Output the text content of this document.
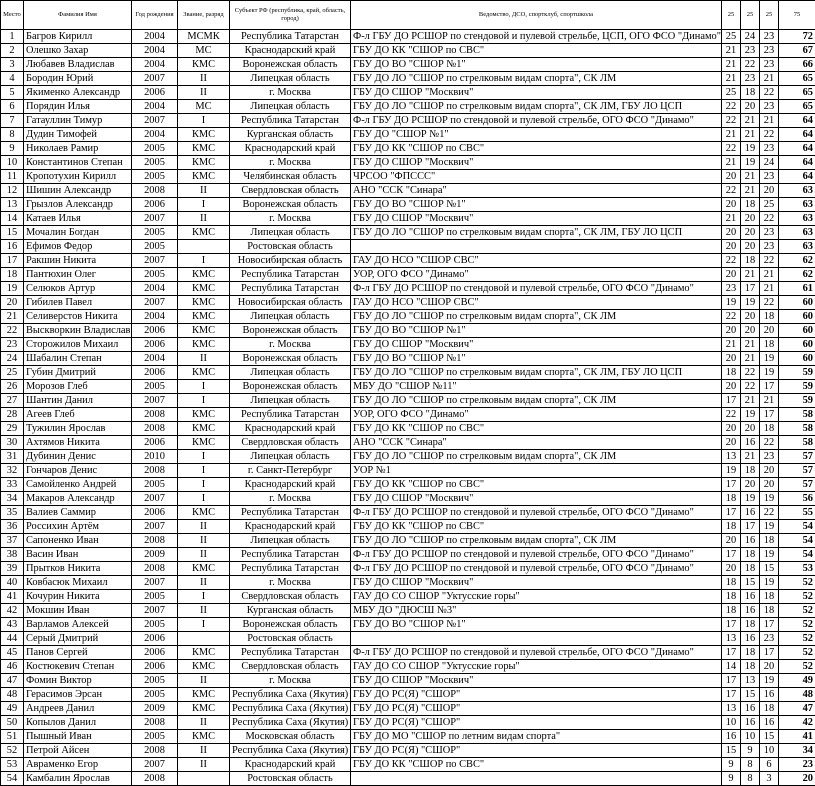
Место	Фамилия Имя	Год рождения	Звание, разряд	Субъект РФ (республика, край, область, город)	Ведомство, ДСО, спортклуб, спортшкола	25	25	25	75
1	Багров Кирилл	2004	МСМК	Республика Татарстан	Ф-л ГБУ ДО РСШОР по стендовой и пулевой стрельбе, ЦСП, ОГО ФСО "Динамо"	25	24	23	72
2	Олешко Захар	2004	МС	Краснодарский край	ГБУ ДО КК "СШОР по СВС"	21	23	23	67
3	Любавев Владислав	2004	КМС	Воронежская область	ГБУ ДО ВО "СШОР №1"	21	22	23	66
4	Бородин Юрий	2007	II	Липецкая область	ГБУ ДО ЛО "СШОР по стрелковым видам спорта", СК ЛМ	21	23	21	65
5	Якименко Александр	2006	II	г. Москва	ГБУ ДО СШОР "Москвич"	25	18	22	65
6	Порядин Илья	2004	МС	Липецкая область	ГБУ ДО ЛО "СШОР по стрелковым видам спорта", СК ЛМ, ГБУ ЛО ЦСП	22	20	23	65
7	Гатауллин Тимур	2007	I	Республика Татарстан	Ф-л ГБУ ДО РСШОР по стендовой и пулевой стрельбе, ОГО ФСО "Динамо"	22	21	21	64
8	Дудин Тимофей	2004	КМС	Курганская область	ГБУ ДО "СШОР №1"	21	21	22	64
9	Николаев Рамир	2005	КМС	Краснодарский край	ГБУ ДО КК "СШОР по СВС"	22	19	23	64
10	Константинов Степан	2005	КМС	г. Москва	ГБУ ДО СШОР "Москвич"	21	19	24	64
11	Кропотухин Кирилл	2005	КМС	Челябинская область	ЧРСОО "ФПССС"	20	21	23	64
12	Шишин Александр	2008	II	Свердловская область	АНО "ССК "Синара"	22	21	20	63
13	Грызлов Александр	2006	I	Воронежская область	ГБУ ДО ВО "СШОР №1"	20	18	25	63
14	Катаев Илья	2007	II	г. Москва	ГБУ ДО СШОР "Москвич"	21	20	22	63
15	Мочалин Богдан	2005	КМС	Липецкая область	ГБУ ДО ЛО "СШОР по стрелковым видам спорта", СК ЛМ, ГБУ ЛО ЦСП	20	20	23	63
16	Ефимов Федор	2005		Ростовская область		20	20	23	63
17	Ракшин Никита	2007	I	Новосибирская область	ГАУ ДО НСО "СШОР СВС"	22	18	22	62
18	Пантюхин Олег	2005	КМС	Республика Татарстан	УОР, ОГО ФСО "Динамо"	20	21	21	62
19	Селюков Артур	2004	КМС	Республика Татарстан	Ф-л ГБУ ДО РСШОР по стендовой и пулевой стрельбе, ОГО ФСО "Динамо"	23	17	21	61
20	Гибилев Павел	2007	КМС	Новосибирская область	ГАУ ДО НСО "СШОР СВС"	19	19	22	60
21	Селиверстов Никита	2004	КМС	Липецкая область	ГБУ ДО ЛО "СШОР по стрелковым видам спорта", СК ЛМ	22	20	18	60
22	Выскворкин Владислав	2006	КМС	Воронежская область	ГБУ ДО ВО "СШОР №1"	20	20	20	60
23	Сторожилов Михаил	2006	КМС	г. Москва	ГБУ ДО СШОР "Москвич"	21	21	18	60
24	Шабалин Степан	2004	II	Воронежская область	ГБУ ДО ВО "СШОР №1"	20	21	19	60
25	Губин Дмитрий	2006	КМС	Липецкая область	ГБУ ДО ЛО "СШОР по стрелковым видам спорта", СК ЛМ, ГБУ ЛО ЦСП	18	22	19	59
26	Морозов Глеб	2005	I	Воронежская область	МБУ ДО "СШОР №11"	20	22	17	59
27	Шантин Данил	2007	I	Липецкая область	ГБУ ДО ЛО "СШОР по стрелковым видам спорта", СК ЛМ	17	21	21	59
28	Агеев Глеб	2008	КМС	Республика Татарстан	УОР, ОГО ФСО "Динамо"	22	19	17	58
29	Тужилин Ярослав	2008	КМС	Краснодарский край	ГБУ ДО КК "СШОР по СВС"	20	20	18	58
30	Ахтямов Никита	2006	КМС	Свердловская область	АНО "ССК "Синара"	20	16	22	58
31	Дубинин Денис	2010	I	Липецкая область	ГБУ ДО ЛО "СШОР по стрелковым видам спорта", СК ЛМ	13	21	23	57
32	Гончаров Денис	2008	I	г. Санкт-Петербург	УОР №1	19	18	20	57
33	Самойленко Андрей	2005	I	Краснодарский край	ГБУ ДО КК "СШОР по СВС"	17	20	20	57
34	Макаров Александр	2007	I	г. Москва	ГБУ ДО СШОР "Москвич"	18	19	19	56
35	Валиев Саммир	2006	КМС	Республика Татарстан	Ф-л ГБУ ДО РСШОР по стендовой и пулевой стрельбе, ОГО ФСО "Динамо"	17	16	22	55
36	Россихин Артём	2007	II	Краснодарский край	ГБУ ДО КК "СШОР по СВС"	18	17	19	54
37	Сапоненко Иван	2008	II	Липецкая область	ГБУ ДО ЛО "СШОР по стрелковым видам спорта", СК ЛМ	20	16	18	54
38	Васин Иван	2009	II	Республика Татарстан	Ф-л ГБУ ДО РСШОР по стендовой и пулевой стрельбе, ОГО ФСО "Динамо"	17	18	19	54
39	Прытков Никита	2008	КМС	Республика Татарстан	Ф-л ГБУ ДО РСШОР по стендовой и пулевой стрельбе, ОГО ФСО "Динамо"	20	18	15	53
40	Ковбасюк Михаил	2007	II	г. Москва	ГБУ ДО СШОР "Москвич"	18	15	19	52
41	Кочурин Никита	2005	I	Свердловская область	ГАУ ДО СО СШОР "Уктусские горы"	18	16	18	52
42	Мокшин Иван	2007	II	Курганская область	МБУ ДО "ДЮСШ №3"	18	16	18	52
43	Варламов Алексей	2005	I	Воронежская область	ГБУ ДО ВО "СШОР №1"	17	18	17	52
44	Серый Дмитрий	2006		Ростовская область		13	16	23	52
45	Панов Сергей	2006	КМС	Республика Татарстан	Ф-л ГБУ ДО РСШОР по стендовой и пулевой стрельбе, ОГО ФСО "Динамо"	17	18	17	52
46	Костюкевич Степан	2006	КМС	Свердловская область	ГАУ ДО СО СШОР "Уктусские горы"	14	18	20	52
47	Фомин Виктор	2005	II	г. Москва	ГБУ ДО СШОР "Москвич"	17	13	19	49
48	Герасимов Эрсан	2005	КМС	Республика Саха (Якутия)	ГБУ ДО РС(Я) "СШОР"	17	15	16	48
49	Андреев Данил	2009	КМС	Республика Саха (Якутия)	ГБУ ДО РС(Я) "СШОР"	13	16	18	47
50	Копылов Данил	2008	II	Республика Саха (Якутия)	ГБУ ДО РС(Я) "СШОР"	10	16	16	42
51	Пышный Иван	2005	КМС	Московская область	ГБУ ДО МО "СШОР по летним видам спорта"	16	10	15	41
52	Петрой Айсен	2008	II	Республика Саха (Якутия)	ГБУ ДО РС(Я) "СШОР"	15	9	10	34
53	Авраменко Егор	2007	II	Краснодарский край	ГБУ ДО КК "СШОР по СВС"	9	8	6	23
54	Камбалин Ярослав	2008		Ростовская область		9	8	3	20
